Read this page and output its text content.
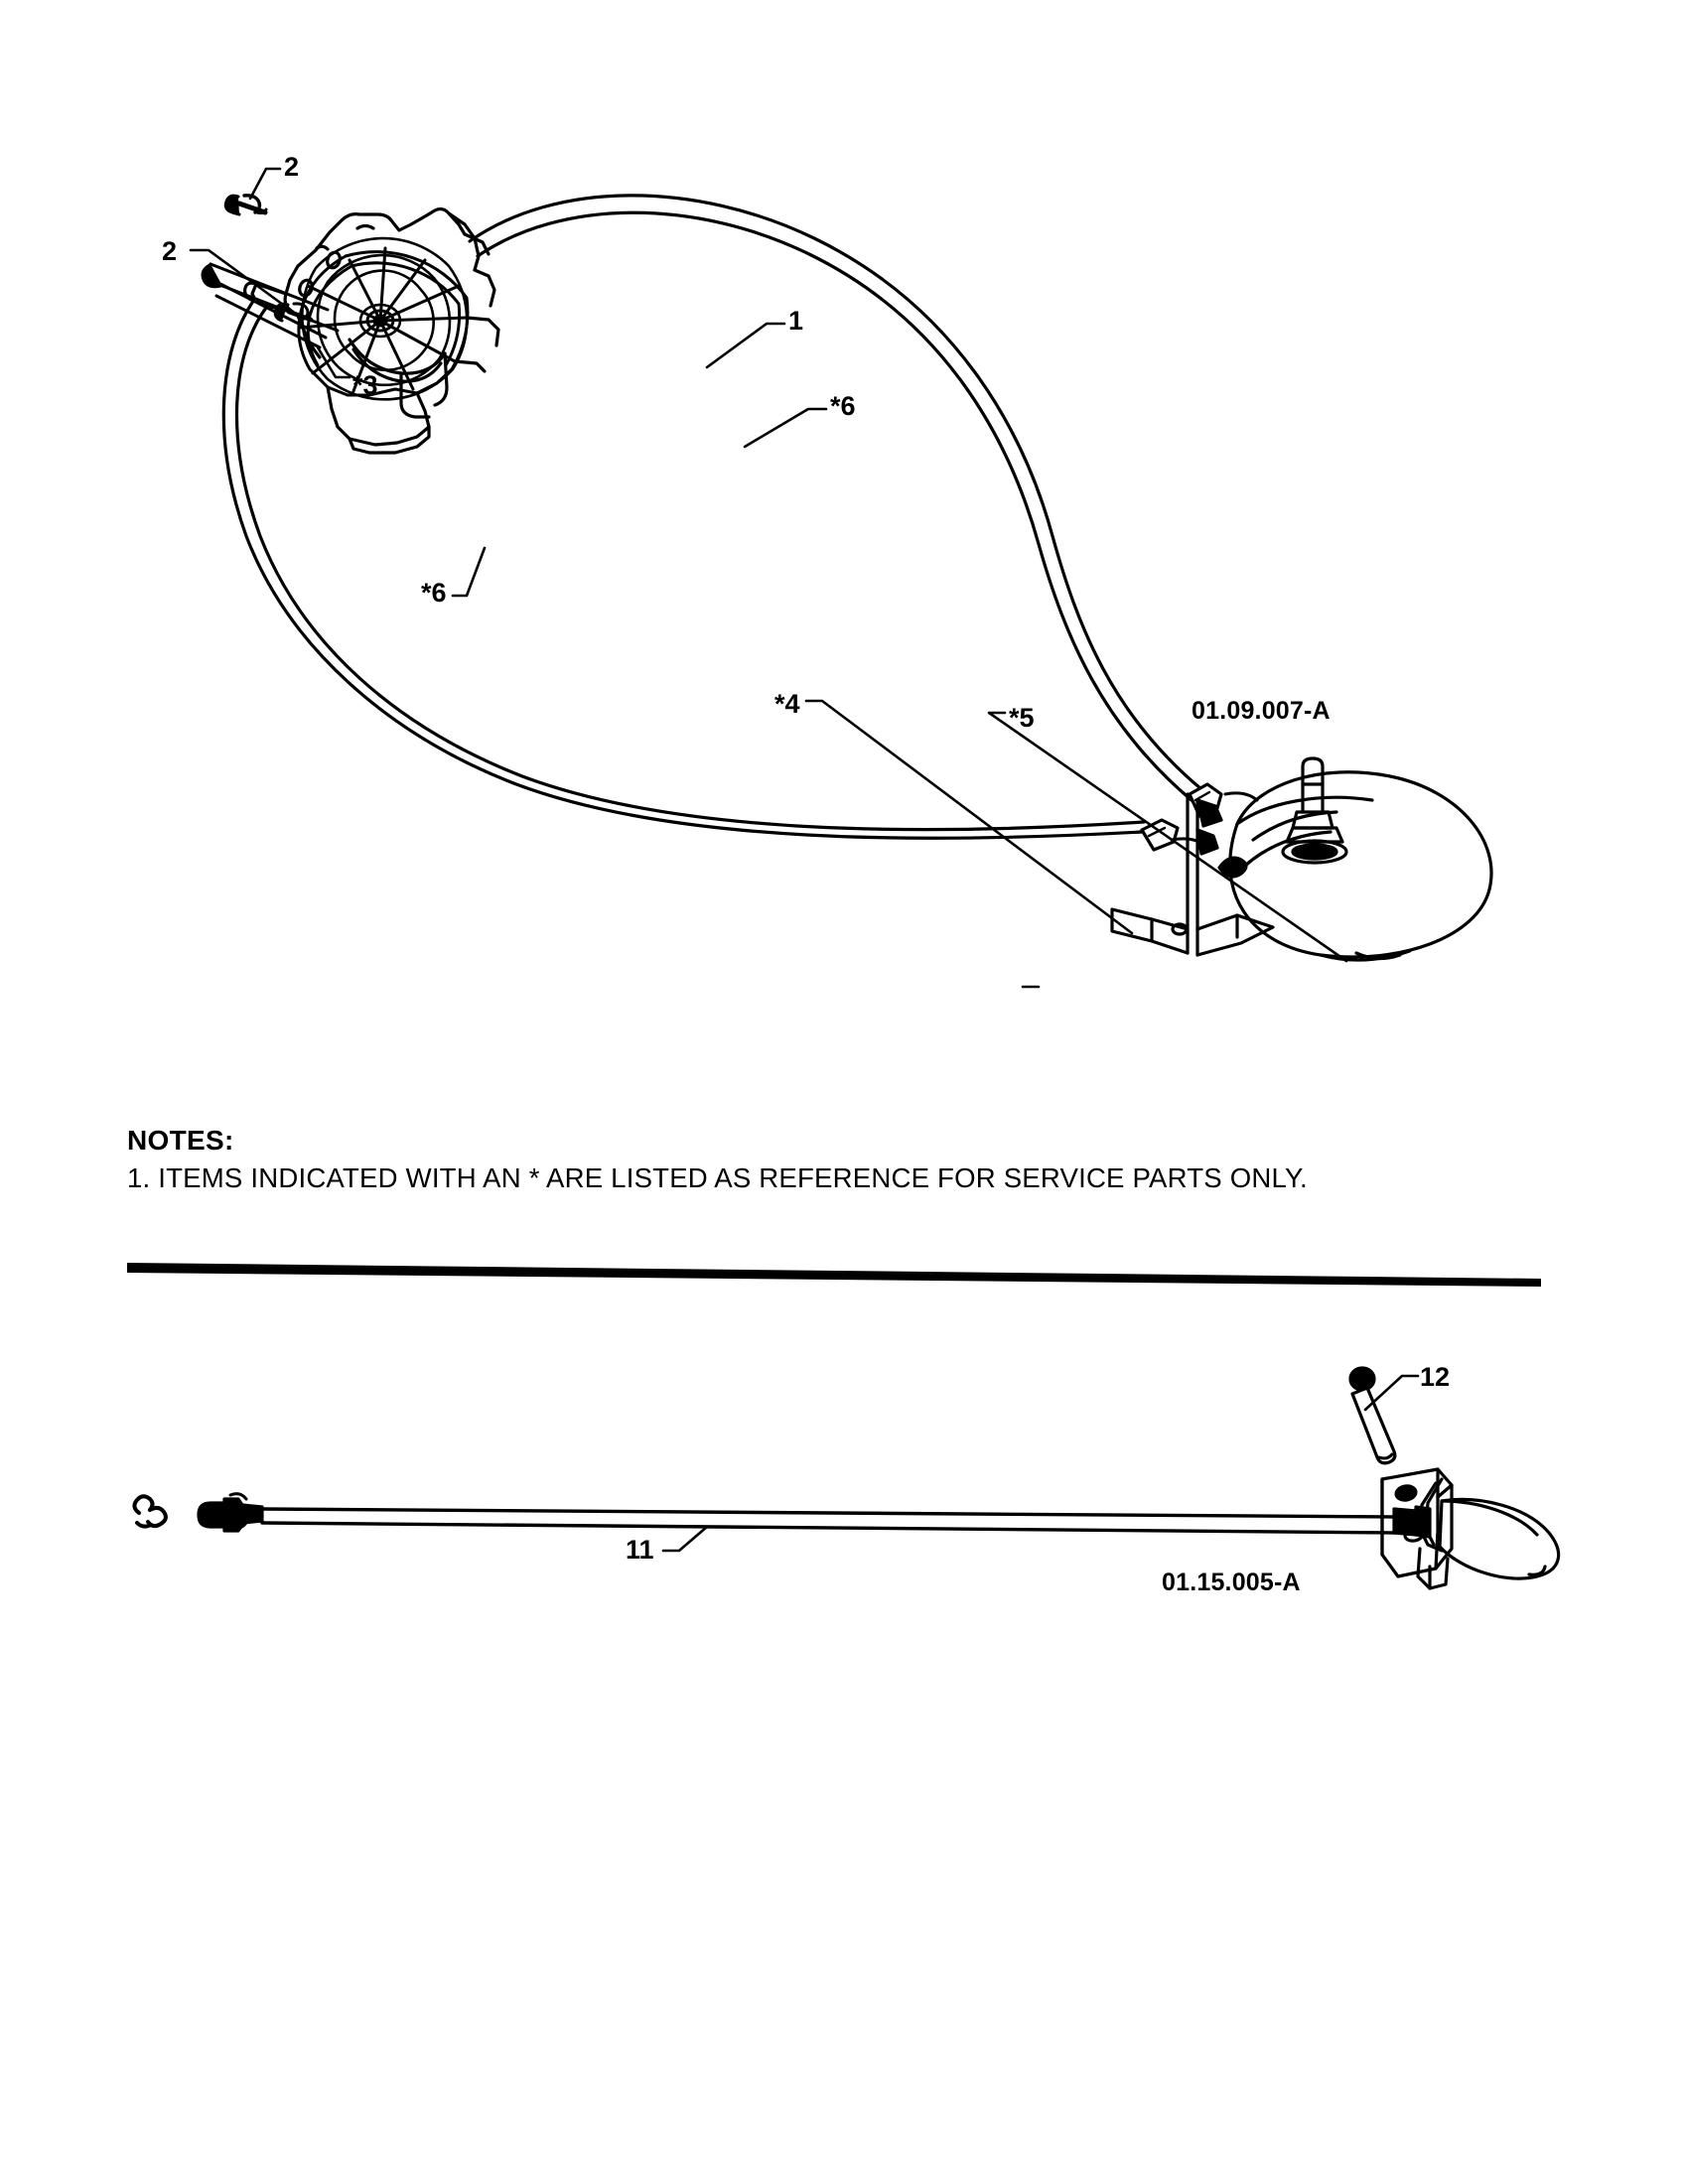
2
2
*3
1
*6
*6
*4	*5	01.09.007-A
NOTES:
1. ITEMS INDICATED WITH AN * ARE LISTED AS REFERENCE FOR SERVICE PARTS ONLY.
12
11
01.15.005-A
